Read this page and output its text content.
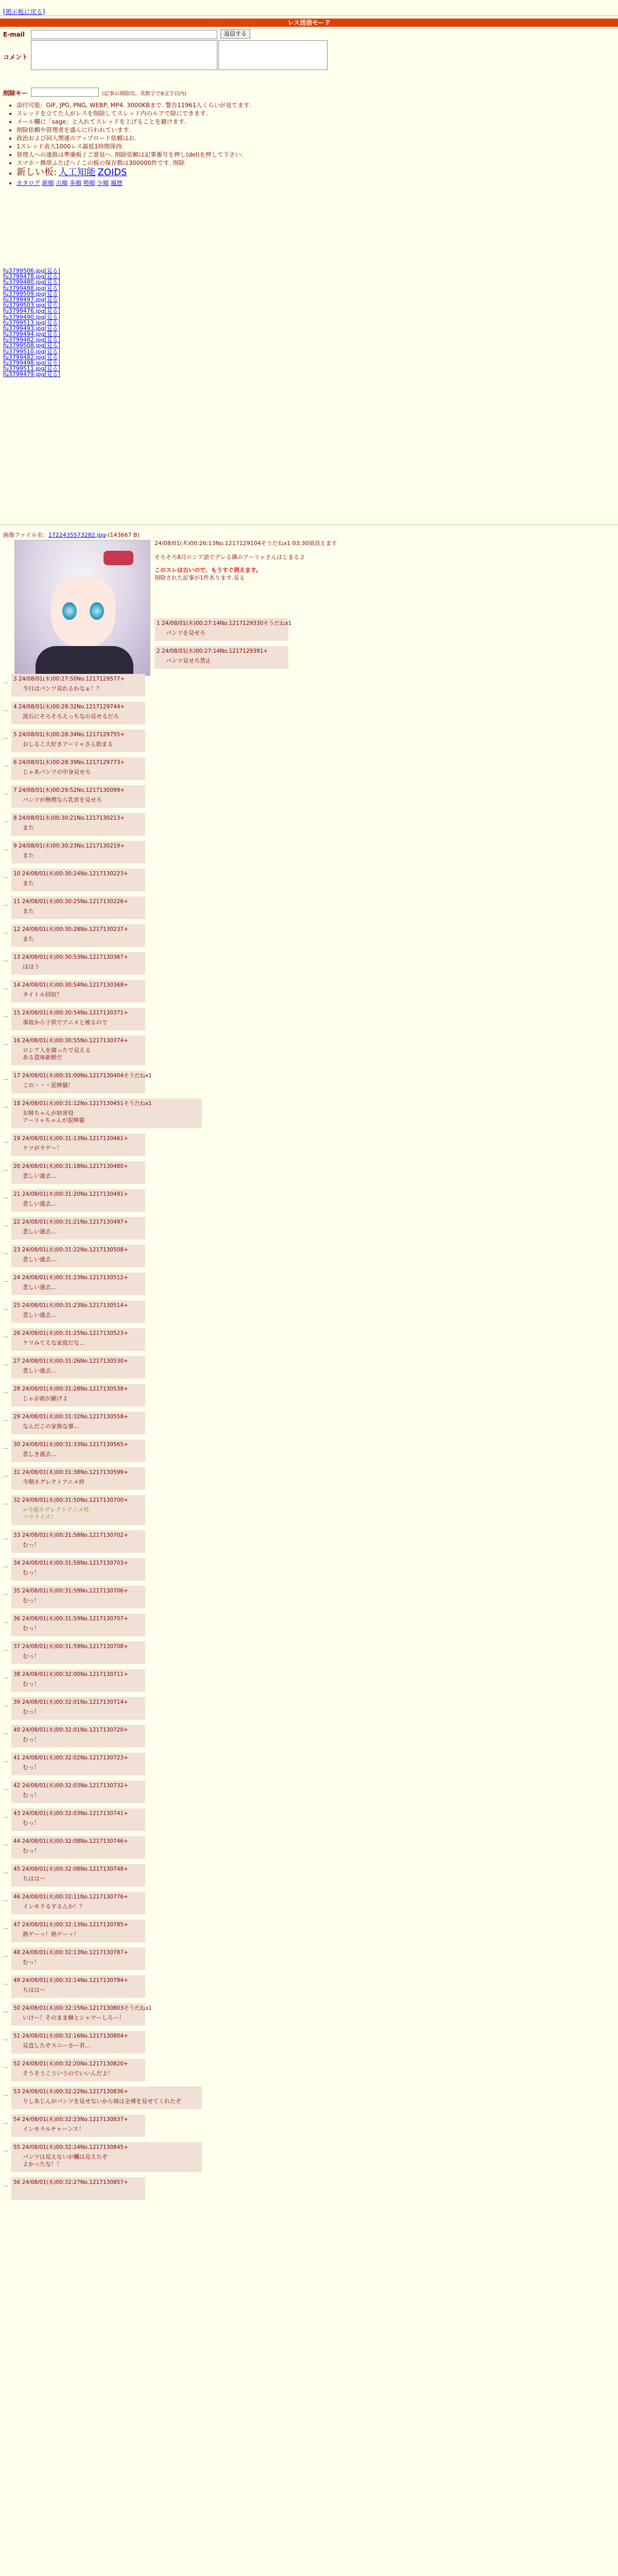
[掲示板に戻る]
レス送信モード
E-mail	返信する
コメント
削除キー	(記事の削除用。英数字で8文字以内)
• 添付可能：GIF, JPG, PNG, WEBP, MP4. 3000KBまで. 警告11961人くらいが見てます.
• スレッドを立てた人がレスを削除してスレッド内のルアで除にできます.
• メール欄に「sage」と入れてスレッドを上げることを避けます.
• 削除依頼や管理者を盛んに行われています.
• 政治および同人関連のアップロード依頼はお.
• 1スレッド表大1000レス最低1時間保持.
• 管理人への連絡は準備板 / ご意見へ. 削除依頼は記事番号を押し(del)を押して下さい.
• スマホ・携帯ふたばへ / この板の保存数は300000件です. 削除
• 新しい板: 人工知能 ZOIDS
• カタログ 新順 古順 多順 勢順 少順 履歴
fu3799506.jpg[見る]
fu3799478.jpg[見る]
fu3799480.jpg[見る]
fu3799488.jpg[見る]
fu3799509.jpg[見る]
fu3799497.jpg[見る]
fu3799503.jpg[見る]
fu3799476.jpg[見る]
fu3799490.jpg[見る]
fu3799513.jpg[見る]
fu3799493.jpg[見る]
fu3799494.jpg[見る]
fu3799482.jpg[見る]
fu3799508.jpg[見る]
fu3799510.jpg[見る]
fu3799482.jpg[見る]
fu3799498.jpg[見る]
fu3799511.jpg[見る]
fu3799479.jpg[見る]
画像ファイル名：1722435573282.jpg-(143667 B)
24/08/01(木)00:26:13No.1217129104そうだねx1 03:30頃消えます
そろそろ8月ロシア語でデレる隣のアーリャさんはじまるよ
このスレは古いので、もうすぐ消えます。
削除された記事が1件あります.見る
1 24/08/01(木)00:27:14No.1217129330そうだねx1
パンツを見せろ
2 24/08/01(木)00:27:14No.1217129391+
パンツ見せろ禁止
… 3 24/08/01(木)00:27:50No.1217129577+
今日はパンツ見れるかなぁ！？
… 4 24/08/01(木)00:28:32No.1217129744+
流石にそろそろえっちなの見せるだろ
… 5 24/08/01(木)00:28:34No.1217129755+
おしるこ大好きアーリャさん始まる
… 6 24/08/01(木)00:28:39No.1217129773+
じゃあパンツの中身見せろ
… 7 24/08/01(木)00:29:52No.1217130099+
パンツが無理なら乳首を見せろ
… 8 24/08/01(木)00:30:21No.1217130213+
また
… 9 24/08/01(木)00:30:23No.1217130219+
また
… 10 24/08/01(木)00:30:24No.1217130223+
また
… 11 24/08/01(木)00:30:25No.1217130226+
また
… 12 24/08/01(木)00:30:28No.1217130237+
また
… 13 24/08/01(木)00:30:53No.1217130367+
ほほう
… 14 24/08/01(木)00:30:54No.1217130368+
タイトル回収？
… 15 24/08/01(木)00:30:54No.1217130371+
事故から子供でアニメと被るので
… 16 24/08/01(木)00:30:55No.1217130374+
ロシア人を腐ったで見える
ある意味新鮮だ
… 17 24/08/01(木)00:31:00No.1217130404そうだねx1
この・・・泥棒猫！
… 18 24/08/01(木)00:31:12No.1217130451そうだねx1
お姉ちゃんが妨害役
アーリャちゃんが泥棒猫
… 19 24/08/01(木)00:31:13No.1217130461+
ケツがラゲー！
… 20 24/08/01(木)00:31:18No.1217130480+
悲しい過去…
… 21 24/08/01(木)00:31:20No.1217130491+
悲しい過去…
… 22 24/08/01(木)00:31:21No.1217130497+
悲しい過去…
… 23 24/08/01(木)00:31:22No.1217130508+
悲しい過去…
… 24 24/08/01(木)00:31:23No.1217130512+
悲しい過去…
… 25 24/08/01(木)00:31:23No.1217130514+
悲しい過去…
… 26 24/08/01(木)00:31:25No.1217130523+
ケツみてえな家庭だな…
… 27 24/08/01(木)00:31:26No.1217130530+
悲しい過去…
… 28 24/08/01(木)00:31:28No.1217130538+
じゃお前が顕げよ
… 29 24/08/01(木)00:31:32No.1217130558+
なんだこの家族な事…
… 30 24/08/01(木)00:31:33No.1217130565+
悲しき過去…
… 31 24/08/01(木)00:31:38No.1217130599+
今期ネグレクトアニメ枠
… 32 24/08/01(木)00:31:50No.1217130700+
>今期ネグレクトアニメ枠
バラライズ！
… 33 24/08/01(木)00:31:58No.1217130702+
むっ！
… 34 24/08/01(木)00:31:58No.1217130703+
むっ！
… 35 24/08/01(木)00:31:59No.1217130706+
むっ！
… 36 24/08/01(木)00:31:59No.1217130707+
むっ！
… 37 24/08/01(木)00:31:59No.1217130708+
むっ！
… 38 24/08/01(木)00:32:00No.1217130711+
むっ！
… 39 24/08/01(木)00:32:01No.1217130714+
むっ！
… 40 24/08/01(木)00:32:01No.1217130720+
むっ！
… 41 24/08/01(木)00:32:02No.1217130723+
むっ！
… 42 24/08/01(木)00:32:03No.1217130732+
むっ！
… 43 24/08/01(木)00:32:03No.1217130741+
むっ！
… 44 24/08/01(木)00:32:08No.1217130746+
むっ！
… 45 24/08/01(木)00:32:08No.1217130748+
ちはは〜
… 46 24/08/01(木)00:32:11No.1217130776+
インモラるするんか！？
… 47 24/08/01(木)00:32:13No.1217130785+
熱ゲーッ！熱ゲーッ！
… 48 24/08/01(木)00:32:13No.1217130787+
むっ！
… 49 24/08/01(木)00:32:14No.1217130794+
ちはは〜
… 50 24/08/01(木)00:32:15No.1217130803そうだねx1
いけー！そのまま棘とシャワーしろー！
… 51 24/08/01(木)00:32:16No.1217130804+
見直したぞスニーカー君…
… 52 24/08/01(木)00:32:20No.1217130820+
そうそうこういうのでいいんだよ！
… 53 24/08/01(木)00:32:22No.1217130836+
りしあじんがパンツを見せないから妹は全裸を見せてくれたぞ
… 54 24/08/01(木)00:32:23No.1217130837+
インモラルチャーンス！
… 55 24/08/01(木)00:32:24No.1217130845+
パンツは見えないが欄は見えたぞ
よかったな！！
… 56 24/08/01(木)00:32:27No.1217130857+
